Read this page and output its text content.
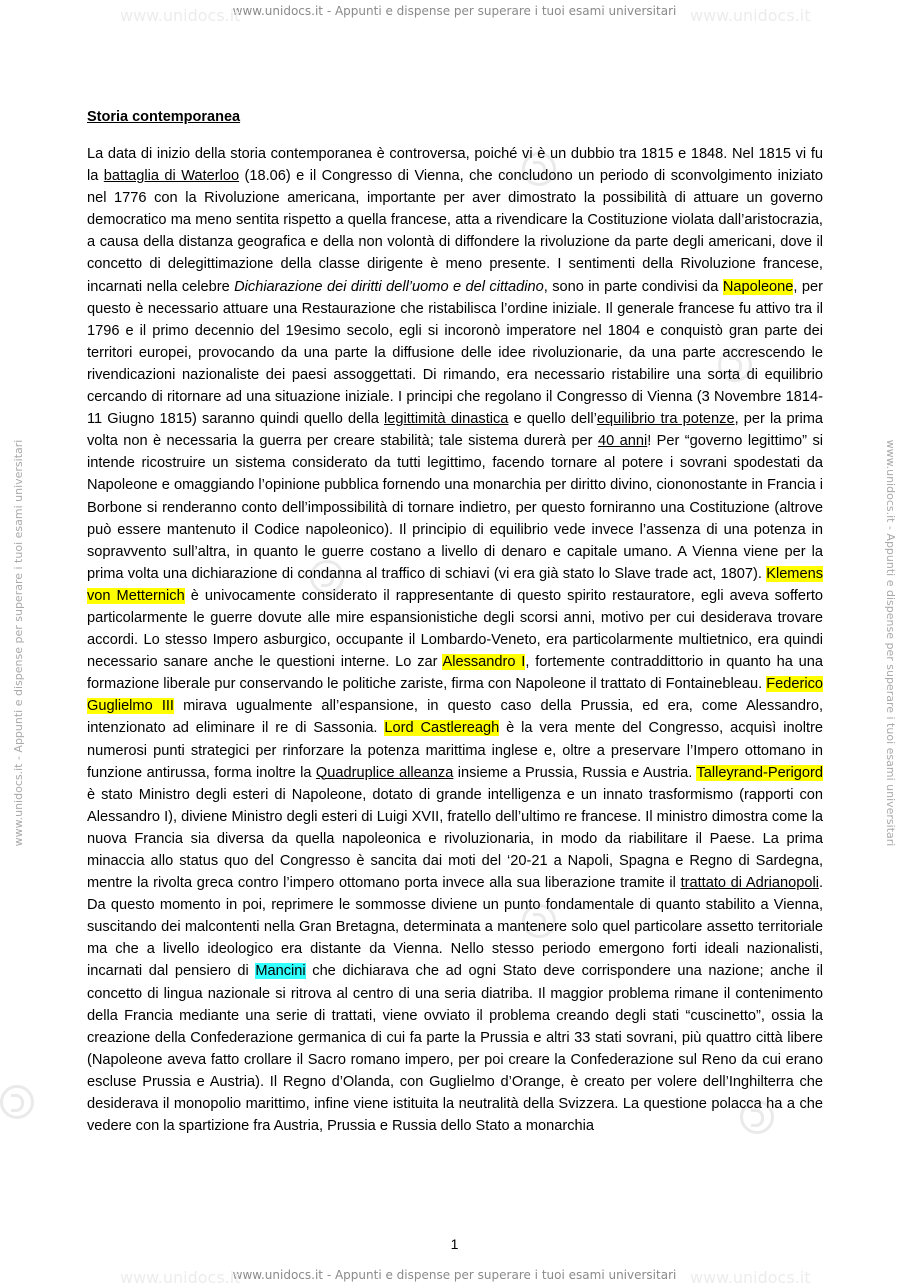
www.unidocs.it - Appunti e dispense per superare i tuoi esami universitari
www.unidocs.it - Appunti e dispense per superare i tuoi esami universitari
www.unidocs.it - Appunti e dispense per superare i tuoi esami universitari	www.unidocs.it - Appunti e dispense per superare i tuoi esami universitari
www.unidocs.it	www.unidocs.it
www.unidocs.it	www.unidocs.it
Storia contemporanea

La data di inizio della storia contemporanea è controversa, poiché vi è un dubbio tra 1815 e 1848. Nel 1815 vi fu la battaglia di Waterloo (18.06) e il Congresso di Vienna, che concludono un periodo di sconvolgimento iniziato nel 1776 con la Rivoluzione americana, importante per aver dimostrato la possibilità di attuare un governo democratico ma meno sentita rispetto a quella francese, atta a rivendicare la Costituzione violata dall’aristocrazia, a causa della distanza geografica e della non volontà di diffondere la rivoluzione da parte degli americani, dove il concetto di delegittimazione della classe dirigente è meno presente. I sentimenti della Rivoluzione francese, incarnati nella celebre Dichiarazione dei diritti dell’uomo e del cittadino, sono in parte condivisi da Napoleone, per questo è necessario attuare una Restaurazione che ristabilisca l’ordine iniziale. Il generale francese fu attivo tra il 1796 e il primo decennio del 19esimo secolo, egli si incoronò imperatore nel 1804 e conquistò gran parte dei territori europei, provocando da una parte la diffusione delle idee rivoluzionarie, da una parte accrescendo le rivendicazioni nazionaliste dei paesi assoggettati. Di rimando, era necessario ristabilire una sorta di equilibrio cercando di ritornare ad una situazione iniziale. I principi che regolano il Congresso di Vienna (3 Novembre 1814-11 Giugno 1815) saranno quindi quello della legittimità dinastica e quello dell’equilibrio tra potenze, per la prima volta non è necessaria la guerra per creare stabilità; tale sistema durerà per 40 anni! Per “governo legittimo” si intende ricostruire un sistema considerato da tutti legittimo, facendo tornare al potere i sovrani spodestati da Napoleone e omaggiando l’opinione pubblica fornendo una monarchia per diritto divino, ciononostante in Francia i Borbone si renderanno conto dell’impossibilità di tornare indietro, per questo forniranno una Costituzione (altrove può essere mantenuto il Codice napoleonico). Il principio di equilibrio vede invece l’assenza di una potenza in sopravvento sull’altra, in quanto le guerre costano a livello di denaro e capitale umano. A Vienna viene per la prima volta una dichiarazione di condanna al traffico di schiavi (vi era già stato lo Slave trade act, 1807). Klemens von Metternich è univocamente considerato il rappresentante di questo spirito restauratore, egli aveva sofferto particolarmente le guerre dovute alle mire espansionistiche degli scorsi anni, motivo per cui desiderava trovare accordi. Lo stesso Impero asburgico, occupante il Lombardo-Veneto, era particolarmente multietnico, era quindi necessario sanare anche le questioni interne. Lo zar Alessandro I, fortemente contraddittorio in quanto ha una formazione liberale pur conservando le politiche zariste, firma con Napoleone il trattato di Fontainebleau. Federico Guglielmo III mirava ugualmente all’espansione, in questo caso della Prussia, ed era, come Alessandro, intenzionato ad eliminare il re di Sassonia. Lord Castlereagh è la vera mente del Congresso, acquisì inoltre numerosi punti strategici per rinforzare la potenza marittima inglese e, oltre a preservare l’Impero ottomano in funzione antirussa, forma inoltre la Quadruplice alleanza insieme a Prussia, Russia e Austria. Talleyrand-Perigord è stato Ministro degli esteri di Napoleone, dotato di grande intelligenza e un innato trasformismo (rapporti con Alessandro I), diviene Ministro degli esteri di Luigi XVII, fratello dell’ultimo re francese. Il ministro dimostra come la nuova Francia sia diversa da quella napoleonica e rivoluzionaria, in modo da riabilitare il Paese. La prima minaccia allo status quo del Congresso è sancita dai moti del ‘20-21 a Napoli, Spagna e Regno di Sardegna, mentre la rivolta greca contro l’impero ottomano porta invece alla sua liberazione tramite il trattato di Adrianopoli. Da questo momento in poi, reprimere le sommosse diviene un punto fondamentale di quanto stabilito a Vienna, suscitando dei malcontenti nella Gran Bretagna, determinata a mantenere solo quel particolare assetto territoriale ma che a livello ideologico era distante da Vienna. Nello stesso periodo emergono forti ideali nazionalisti, incarnati dal pensiero di Mancini che dichiarava che ad ogni Stato deve corrispondere una nazione; anche il concetto di lingua nazionale si ritrova al centro di una seria diatriba. Il maggior problema rimane il contenimento della Francia mediante una serie di trattati, viene ovviato il problema creando degli stati “cuscinetto”, ossia la creazione della Confederazione germanica di cui fa parte la Prussia e altri 33 stati sovrani, più quattro città libere (Napoleone aveva fatto crollare il Sacro romano impero, per poi creare la Confederazione sul Reno da cui erano escluse Prussia e Austria). Il Regno d’Olanda, con Guglielmo d’Orange, è creato per volere dell’Inghilterra che desiderava il monopolio marittimo, infine viene istituita la neutralità della Svizzera. La questione polacca ha a che vedere con la spartizione fra Austria, Prussia e Russia dello Stato a monarchia

1
